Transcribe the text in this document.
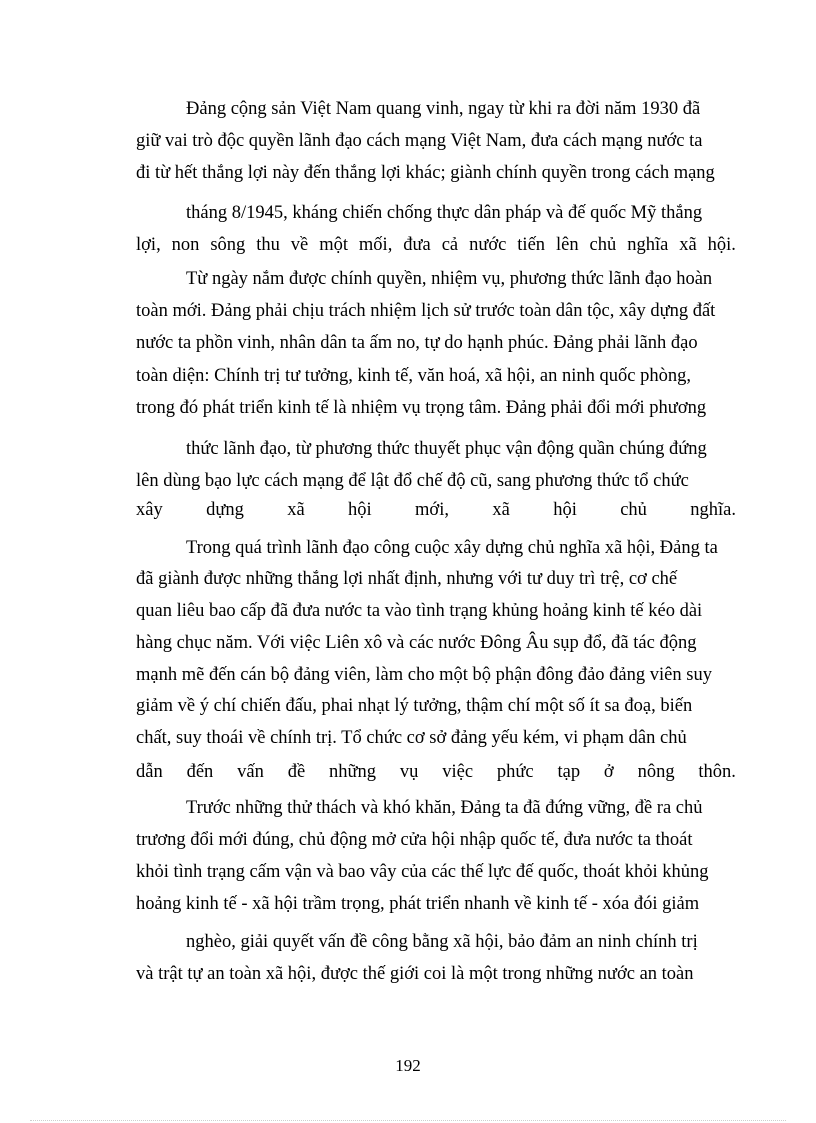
Đảng cộng sản Việt Nam quang vinh, ngay từ khi ra đời năm 1930 đã
giữ vai trò độc quyền lãnh đạo cách mạng Việt Nam, đưa cách mạng nước ta
đi từ hết thắng lợi này đến thắng lợi khác; giành chính quyền trong cách mạng
tháng 8/1945, kháng chiến chống thực dân pháp và đế quốc Mỹ thắng
lợi, non sông thu về một mối, đưa cả nước tiến lên chủ nghĩa xã hội.
Từ ngày nắm được chính quyền, nhiệm vụ, phương thức lãnh đạo hoàn
toàn mới. Đảng phải chịu trách nhiệm lịch sử trước toàn dân tộc, xây dựng đất
nước ta phồn vinh, nhân dân ta ấm no, tự do hạnh phúc. Đảng phải lãnh đạo
toàn diện: Chính trị tư tưởng, kinh tế, văn hoá, xã hội, an ninh quốc phòng,
trong đó phát triển kinh tế là nhiệm vụ trọng tâm. Đảng phải đổi mới phương
thức lãnh đạo, từ phương thức thuyết phục vận động quần chúng đứng
lên dùng bạo lực cách mạng để lật đổ chế độ cũ, sang phương thức tổ chức
xây dựng xã hội mới, xã hội chủ nghĩa.
Trong quá trình lãnh đạo công cuộc xây dựng chủ nghĩa xã hội, Đảng ta
đã giành được những thắng lợi nhất định, nhưng với tư duy trì trệ, cơ chế
quan liêu bao cấp đã đưa nước ta vào tình trạng khủng hoảng kinh tế kéo dài
hàng chục năm. Với việc Liên xô và các nước Đông Âu sụp đổ, đã tác động
mạnh mẽ đến cán bộ đảng viên, làm cho một bộ phận đông đảo đảng viên suy
giảm về ý chí chiến đấu, phai nhạt lý tưởng, thậm chí một số ít sa đoạ, biến
chất, suy thoái về chính trị. Tổ chức cơ sở đảng yếu kém, vi phạm dân chủ
dẫn đến vấn đề những vụ việc phức tạp ở nông thôn.
Trước những thử thách và khó khăn, Đảng ta đã đứng vững, đề ra chủ
trương đổi mới đúng, chủ động mở cửa hội nhập quốc tế, đưa nước ta thoát
khỏi tình trạng cấm vận và bao vây của các thế lực đế quốc, thoát khỏi khủng
hoảng kinh tế - xã hội trầm trọng, phát triển nhanh về kinh tế - xóa đói giảm
nghèo, giải quyết vấn đề công bằng xã hội, bảo đảm an ninh chính trị
và trật tự an toàn xã hội, được thế giới coi là một trong những nước an toàn
192
